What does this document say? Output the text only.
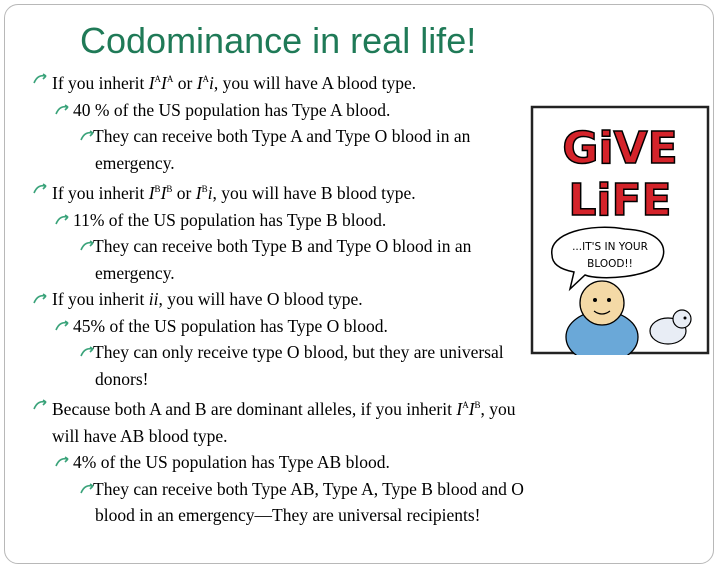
Codominance in real life!
If you inherit $I^AI^A$ or $I^Ai$, you will have A blood type.
40 % of the US population has Type A blood.
They can receive both Type A and Type O blood in an emergency.
If you inherit $I^BI^B$ or $I^Bi$, you will have B blood type.
11% of the US population has Type B blood.
They can receive both Type B and Type O blood in an emergency.
If you inherit ii, you will have O blood type.
45% of the US population has Type O blood.
They can only receive type O blood, but they are universal donors!
Because both A and B are dominant alleles, if you inherit $I^AI^B$, you will have AB blood type.
4% of the US population has Type AB blood.
They can receive both Type AB, Type A, Type B blood and O blood in an emergency—They are universal recipients!
GiVE
LiFE
...IT'S IN YOUR
BLOOD!!
